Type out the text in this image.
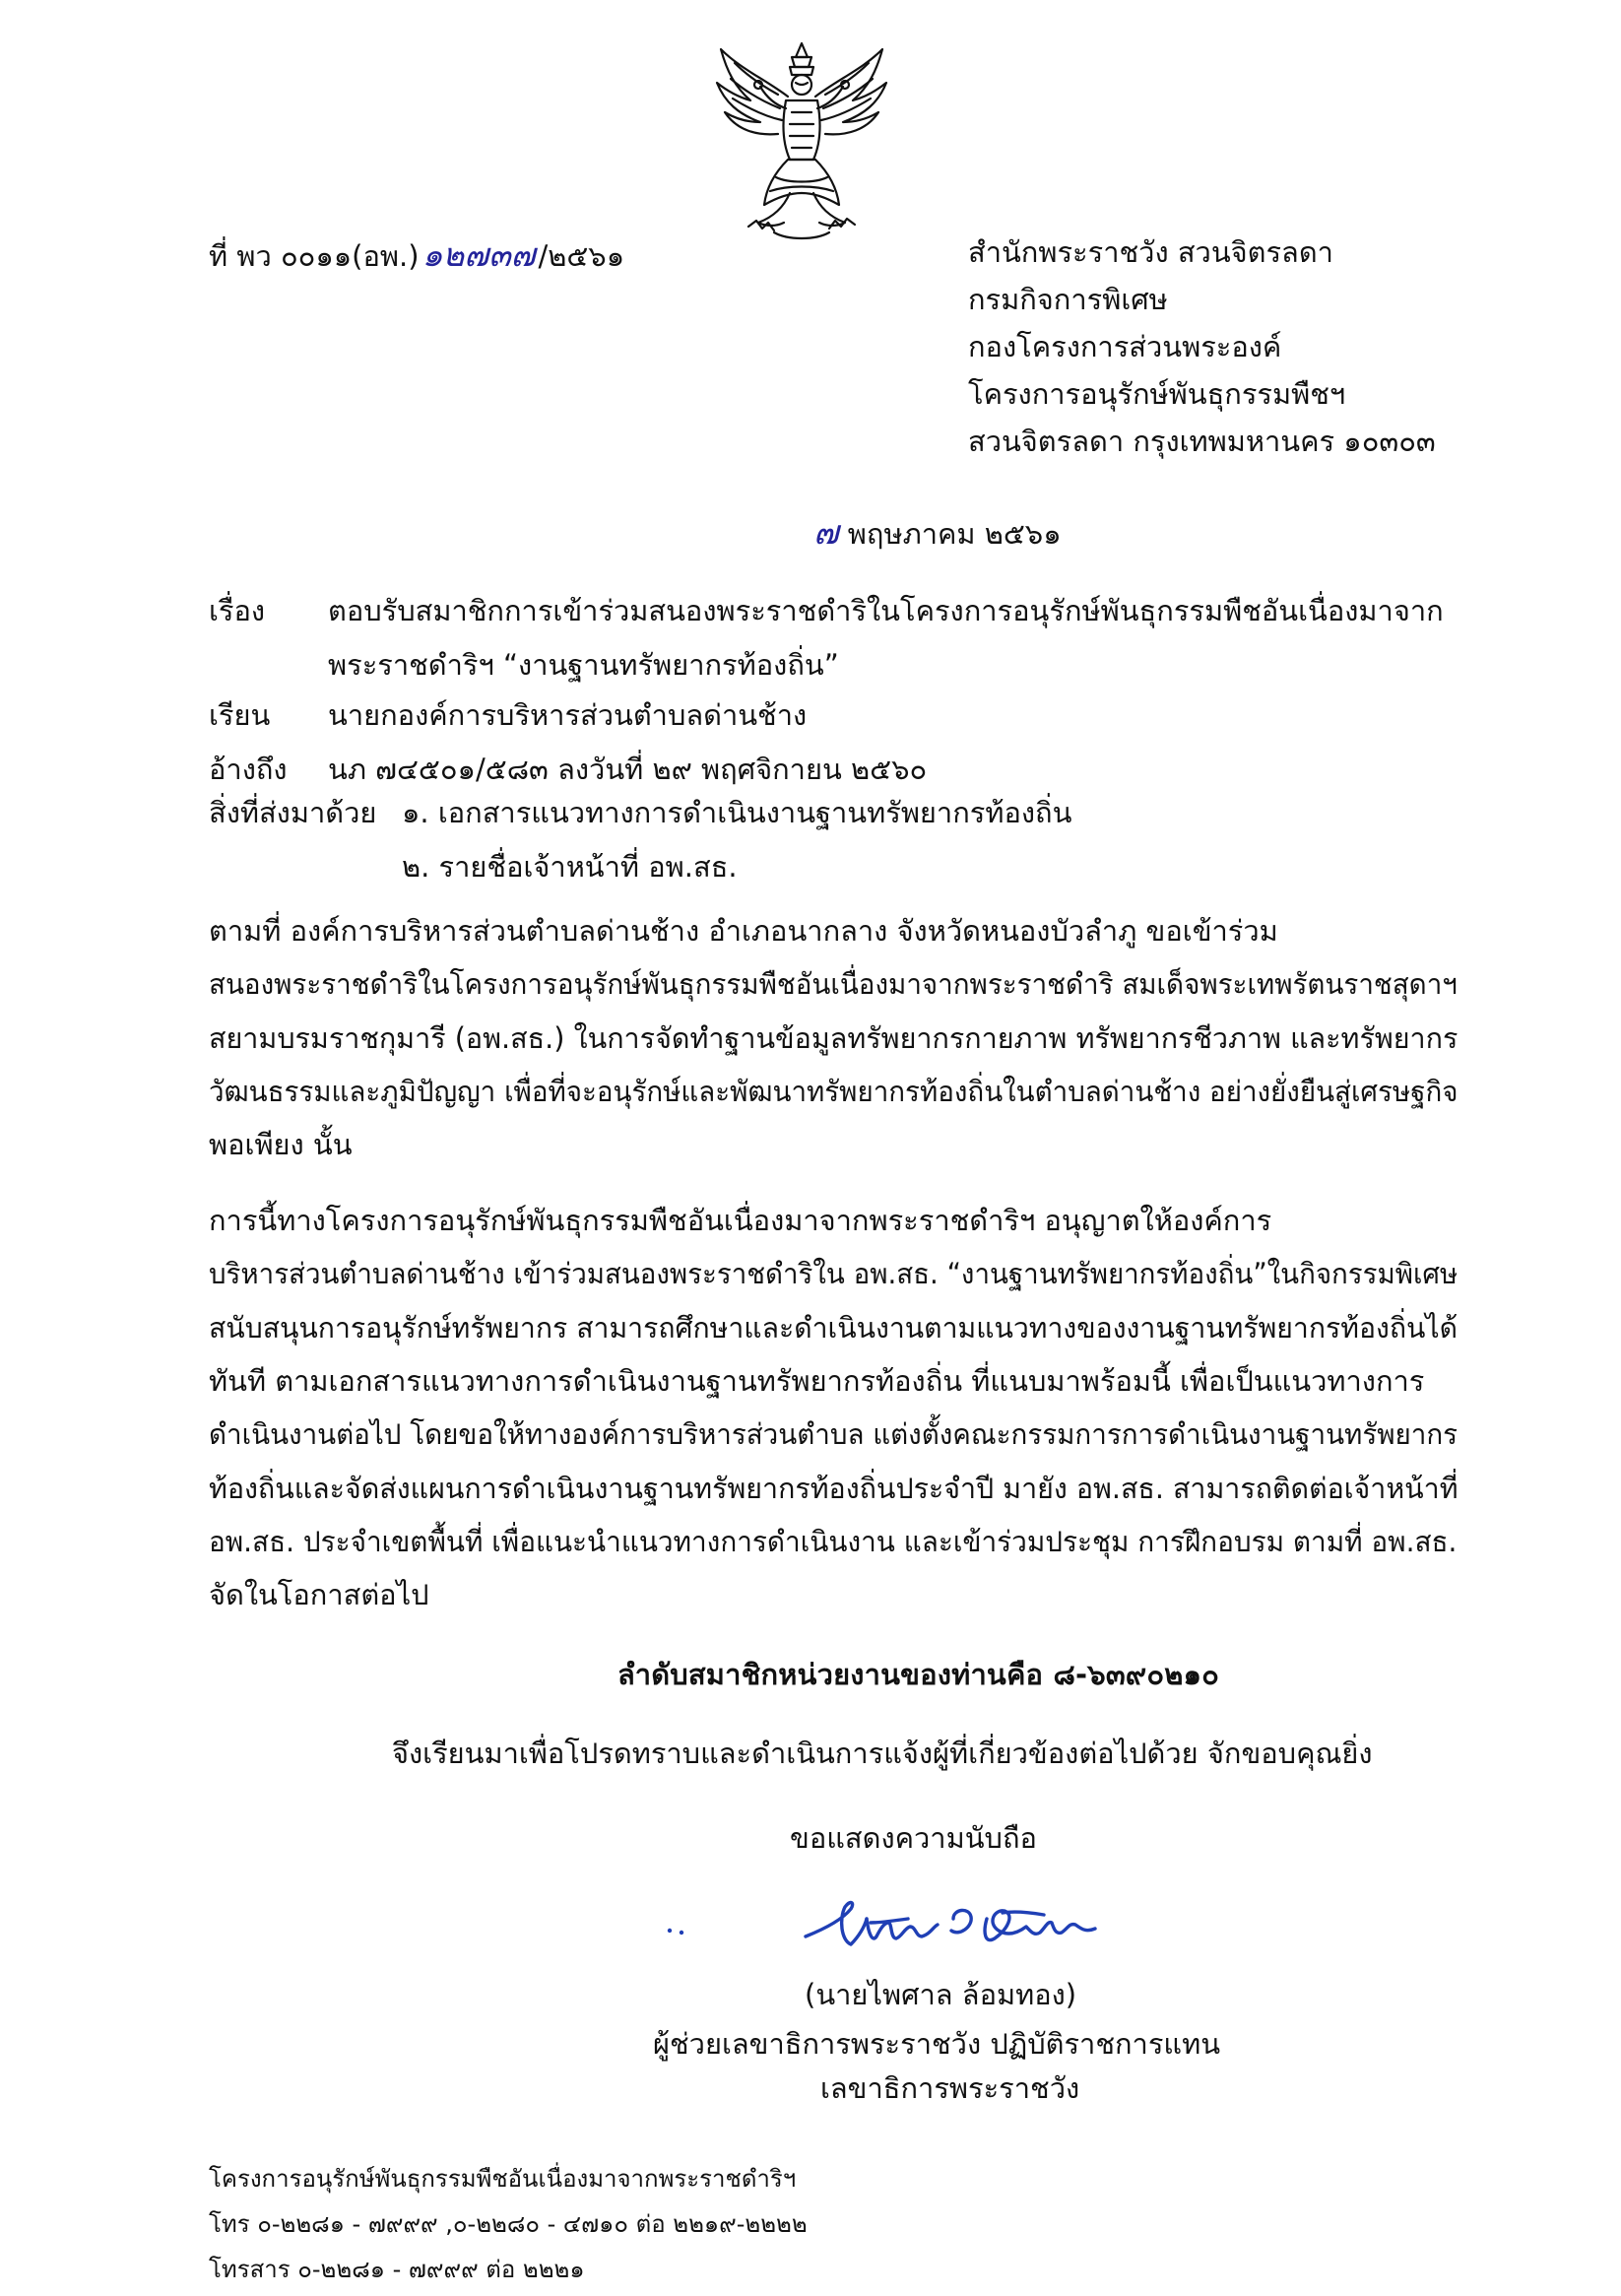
ที่ พว ๐๐๑๑(อพ.)๑๒๗๓๗ /๒๕๖๑	สำนักพระราชวัง สวนจิตรลดา
กรมกิจการพิเศษ
กองโครงการส่วนพระองค์
โครงการอนุรักษ์พันธุกรรมพืชฯ
สวนจิตรลดา กรุงเทพมหานคร ๑๐๓๐๓
๗ พฤษภาคม ๒๕๖๑
เรื่อง ตอบรับสมาชิกการเข้าร่วมสนองพระราชดำริในโครงการอนุรักษ์พันธุกรรมพืชอันเนื่องมาจาก
พระราชดำริฯ “งานฐานทรัพยากรท้องถิ่น”
เรียน นายกองค์การบริหารส่วนตำบลด่านช้าง
อ้างถึง นภ ๗๔๕๐๑/๕๘๓ ลงวันที่ ๒๙ พฤศจิกายน ๒๕๖๐
สิ่งที่ส่งมาด้วย ๑. เอกสารแนวทางการดำเนินงานฐานทรัพยากรท้องถิ่น
๒. รายชื่อเจ้าหน้าที่ อพ.สธ.
ตามที่ องค์การบริหารส่วนตำบลด่านช้าง อำเภอนากลาง จังหวัดหนองบัวลำภู ขอเข้าร่วม
สนองพระราชดำริในโครงการอนุรักษ์พันธุกรรมพืชอันเนื่องมาจากพระราชดำริ สมเด็จพระเทพรัตนราชสุดาฯ
สยามบรมราชกุมารี (อพ.สธ.) ในการจัดทำฐานข้อมูลทรัพยากรกายภาพ ทรัพยากรชีวภาพ และทรัพยากร
วัฒนธรรมและภูมิปัญญา เพื่อที่จะอนุรักษ์และพัฒนาทรัพยากรท้องถิ่นในตำบลด่านช้าง อย่างยั่งยืนสู่เศรษฐกิจ
พอเพียง นั้น
การนี้ทางโครงการอนุรักษ์พันธุกรรมพืชอันเนื่องมาจากพระราชดำริฯ อนุญาตให้องค์การ
บริหารส่วนตำบลด่านช้าง เข้าร่วมสนองพระราชดำริใน อพ.สธ. “งานฐานทรัพยากรท้องถิ่น”ในกิจกรรมพิเศษ
สนับสนุนการอนุรักษ์ทรัพยากร สามารถศึกษาและดำเนินงานตามแนวทางของงานฐานทรัพยากรท้องถิ่นได้
ทันที ตามเอกสารแนวทางการดำเนินงานฐานทรัพยากรท้องถิ่น ที่แนบมาพร้อมนี้ เพื่อเป็นแนวทางการ
ดำเนินงานต่อไป โดยขอให้ทางองค์การบริหารส่วนตำบล แต่งตั้งคณะกรรมการการดำเนินงานฐานทรัพยากร
ท้องถิ่นและจัดส่งแผนการดำเนินงานฐานทรัพยากรท้องถิ่นประจำปี มายัง อพ.สธ. สามารถติดต่อเจ้าหน้าที่
อพ.สธ. ประจำเขตพื้นที่ เพื่อแนะนำแนวทางการดำเนินงาน และเข้าร่วมประชุม การฝึกอบรม ตามที่ อพ.สธ.
จัดในโอกาสต่อไป
ลำดับสมาชิกหน่วยงานของท่านคือ ๘-๖๓๙๐๒๑๐
จึงเรียนมาเพื่อโปรดทราบและดำเนินการแจ้งผู้ที่เกี่ยวข้องต่อไปด้วย จักขอบคุณยิ่ง
ขอแสดงความนับถือ
(นายไพศาล ล้อมทอง)
ผู้ช่วยเลขาธิการพระราชวัง ปฏิบัติราชการแทน
เลขาธิการพระราชวัง
โครงการอนุรักษ์พันธุกรรมพืชอันเนื่องมาจากพระราชดำริฯ
โทร ๐-๒๒๘๑ - ๗๙๙๙ ,๐-๒๒๘๐ - ๔๗๑๐ ต่อ ๒๒๑๙-๒๒๒๒
โทรสาร ๐-๒๒๘๑ - ๗๙๙๙ ต่อ ๒๒๒๑
